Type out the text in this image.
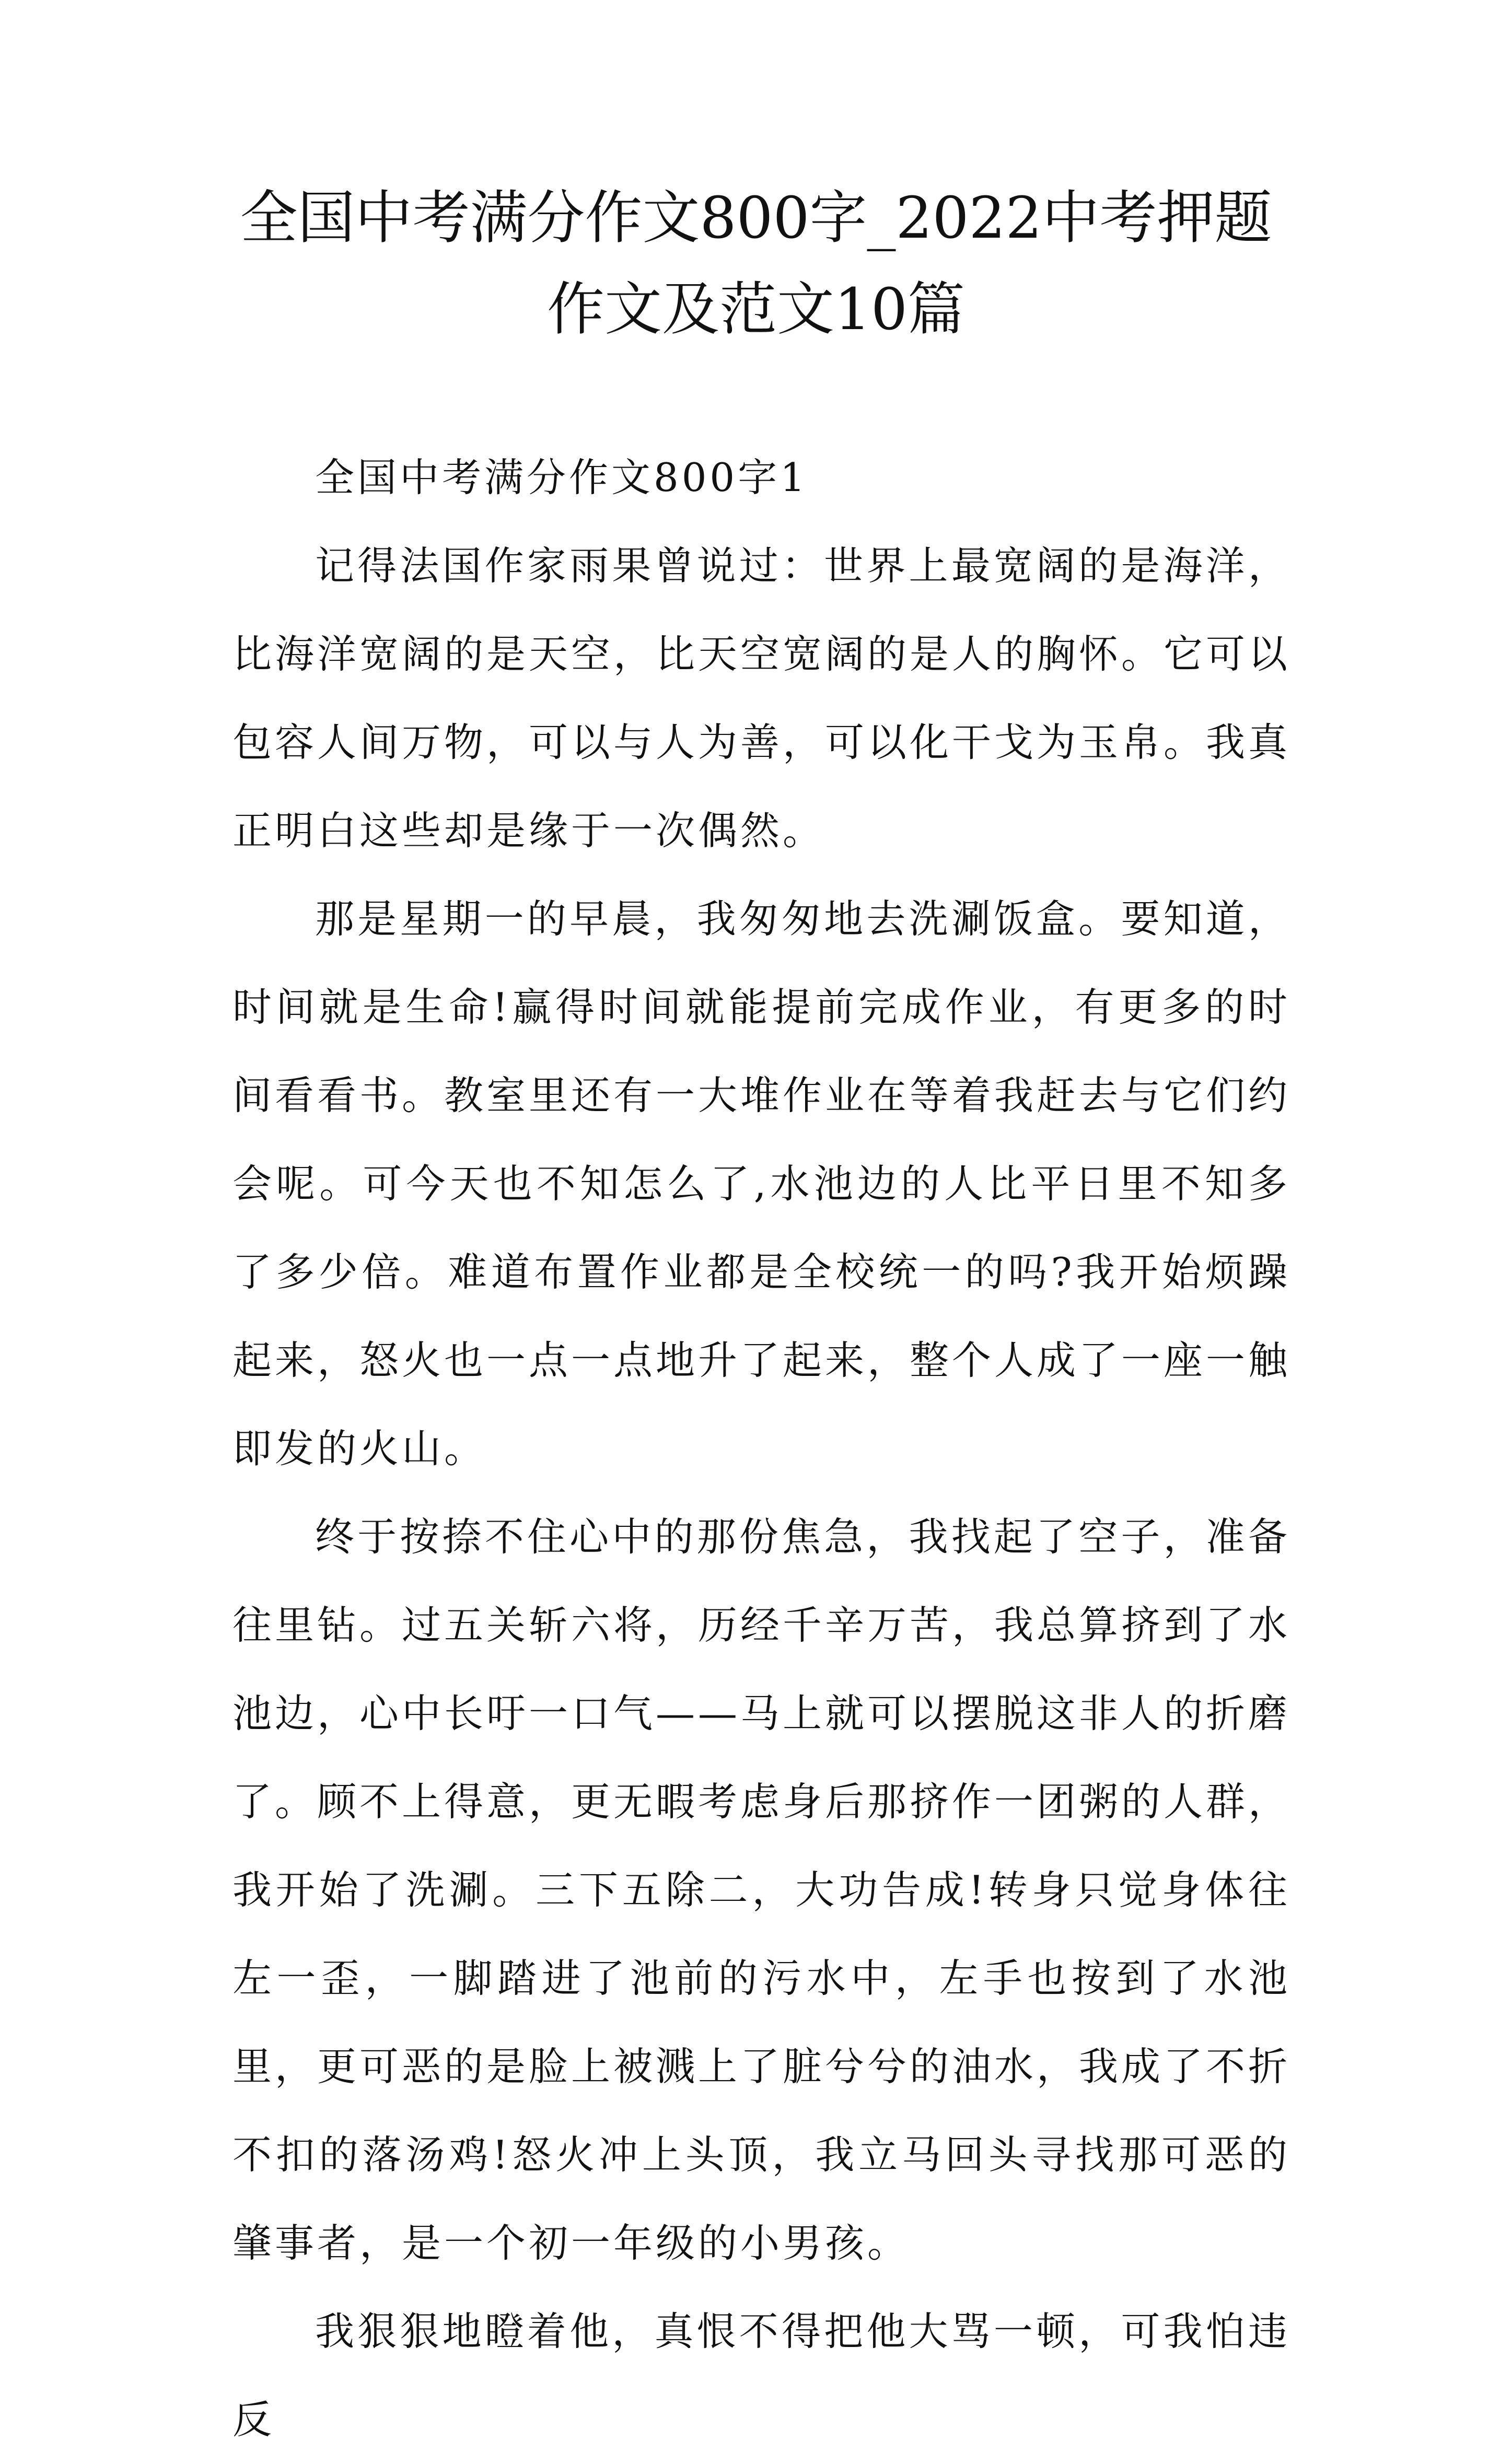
全国中考满分作文800字_2022中考押题作文及范文10篇

全国中考满分作文800字1

记得法国作家雨果曾说过：世界上最宽阔的是海洋，比海洋宽阔的是天空，比天空宽阔的是人的胸怀。它可以包容人间万物，可以与人为善，可以化干戈为玉帛。我真正明白这些却是缘于一次偶然。

那是星期一的早晨，我匆匆地去洗涮饭盒。要知道，时间就是生命!赢得时间就能提前完成作业，有更多的时间看看书。教室里还有一大堆作业在等着我赶去与它们约会呢。可今天也不知怎么了,水池边的人比平日里不知多了多少倍。难道布置作业都是全校统一的吗?我开始烦躁起来，怒火也一点一点地升了起来，整个人成了一座一触即发的火山。

终于按捺不住心中的那份焦急，我找起了空子，准备往里钻。过五关斩六将，历经千辛万苦，我总算挤到了水池边，心中长吁一口气——马上就可以摆脱这非人的折磨了。顾不上得意，更无暇考虑身后那挤作一团粥的人群，我开始了洗涮。三下五除二，大功告成!转身只觉身体往左一歪，一脚踏进了池前的污水中，左手也按到了水池里，更可恶的是脸上被溅上了脏兮兮的油水，我成了不折不扣的落汤鸡!怒火冲上头顶，我立马回头寻找那可恶的肇事者，是一个初一年级的小男孩。

我狠狠地瞪着他，真恨不得把他大骂一顿，可我怕违反
